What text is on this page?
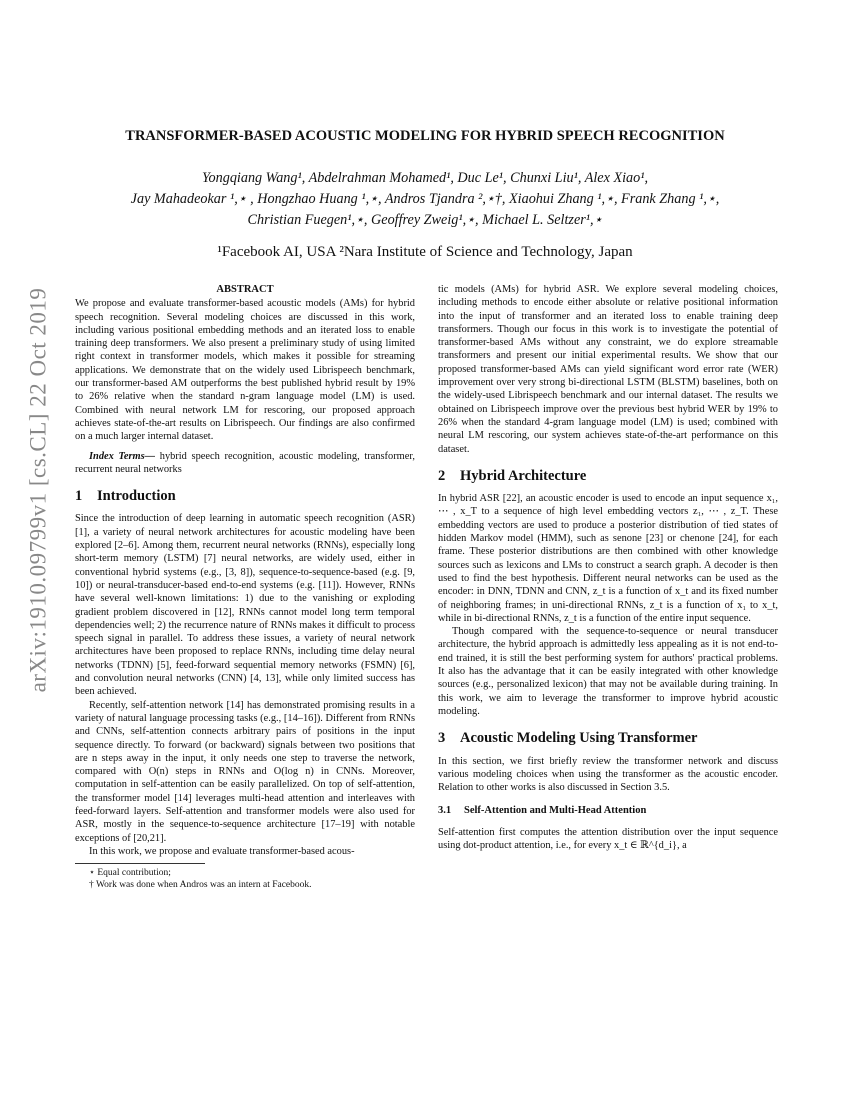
arXiv:1910.09799v1 [cs.CL] 22 Oct 2019
TRANSFORMER-BASED ACOUSTIC MODELING FOR HYBRID SPEECH RECOGNITION
Yongqiang Wang¹, Abdelrahman Mohamed¹, Duc Le¹, Chunxi Liu¹, Alex Xiao¹,
Jay Mahadeokar ¹,⋆ , Hongzhao Huang ¹,⋆, Andros Tjandra ²,⋆†, Xiaohui Zhang ¹,⋆, Frank Zhang ¹,⋆,
Christian Fuegen¹,⋆, Geoffrey Zweig¹,⋆, Michael L. Seltzer¹,⋆
¹Facebook AI, USA ²Nara Institute of Science and Technology, Japan
ABSTRACT

We propose and evaluate transformer-based acoustic models (AMs) for hybrid speech recognition. Several modeling choices are discussed in this work, including various positional embedding methods and an iterated loss to enable training deep transformers. We also present a preliminary study of using limited right context in transformer models, which makes it possible for streaming applications. We demonstrate that on the widely used Librispeech benchmark, our transformer-based AM outperforms the best published hybrid result by 19% to 26% relative when the standard n-gram language model (LM) is used. Combined with neural network LM for rescoring, our proposed approach achieves state-of-the-art results on Librispeech. Our findings are also confirmed on a much larger internal dataset.

Index Terms— hybrid speech recognition, acoustic modeling, transformer, recurrent neural networks

1 Introduction

Since the introduction of deep learning in automatic speech recognition (ASR) [1], a variety of neural network architectures for acoustic modeling have been explored [2–6]. Among them, recurrent neural networks (RNNs), especially long short-term memory (LSTM) [7] neural networks, are widely used, either in conventional hybrid systems (e.g., [3, 8]), sequence-to-sequence-based (e.g. [9, 10]) or neural-transducer-based end-to-end systems (e.g. [11]). However, RNNs have several well-known limitations: 1) due to the vanishing or exploding gradient problem discovered in [12], RNNs cannot model long term temporal dependencies well; 2) the recurrence nature of RNNs makes it difficult to process speech signal in parallel. To address these issues, a variety of neural network architectures have been proposed to replace RNNs, including time delay neural networks (TDNN) [5], feed-forward sequential memory networks (FSMN) [6], and convolution neural networks (CNN) [4, 13], while only limited success has been achieved.

Recently, self-attention network [14] has demonstrated promising results in a variety of natural language processing tasks (e.g., [14–16]). Different from RNNs and CNNs, self-attention connects arbitrary pairs of positions in the input sequence directly. To forward (or backward) signals between two positions that are n steps away in the input, it only needs one step to traverse the network, compared with O(n) steps in RNNs and O(log n) in CNNs. Moreover, computation in self-attention can be easily parallelized. On top of self-attention, the transformer model [14] leverages multi-head attention and interleaves with feed-forward layers. Self-attention and transformer models were also used for ASR, mostly in the sequence-to-sequence architecture [17–19] with notable exceptions of [20,21].

In this work, we propose and evaluate transformer-based acous-

⋆ Equal contribution;
† Work was done when Andros was an intern at Facebook.

tic models (AMs) for hybrid ASR. We explore several modeling choices, including methods to encode either absolute or relative positional information into the input of transformer and an iterated loss to enable training deep transformers. Though our focus in this work is to investigate the potential of transformer-based AMs without any constraint, we do explore streamable transformers and present our initial experimental results. We show that our proposed transformer-based AMs can yield significant word error rate (WER) improvement over very strong bi-directional LSTM (BLSTM) baselines, both on the widely-used Librispeech benchmark and our internal dataset. The results we obtained on Librispeech improve over the previous best hybrid WER by 19% to 26% when the standard 4-gram language model (LM) is used; combined with neural LM rescoring, our system achieves state-of-the-art performance on this dataset.

2 Hybrid Architecture

In hybrid ASR [22], an acoustic encoder is used to encode an input sequence x₁, ⋯ , x_T to a sequence of high level embedding vectors z₁, ⋯ , z_T. These embedding vectors are used to produce a posterior distribution of tied states of hidden Markov model (HMM), such as senone [23] or chenone [24], for each frame. These posterior distributions are then combined with other knowledge sources such as lexicons and LMs to construct a search graph. A decoder is then used to find the best hypothesis. Different neural networks can be used as the encoder: in DNN, TDNN and CNN, z_t is a function of x_t and its fixed number of neighboring frames; in uni-directional RNNs, z_t is a function of x₁ to x_t, while in bi-directional RNNs, z_t is a function of the entire input sequence.

Though compared with the sequence-to-sequence or neural transducer architecture, the hybrid approach is admittedly less appealing as it is not end-to-end trained, it is still the best performing system for authors' practical problems. It also has the advantage that it can be easily integrated with other knowledge sources (e.g., personalized lexicon) that may not be available during training. In this work, we aim to leverage the transformer to improve hybrid acoustic modeling.

3 Acoustic Modeling Using Transformer

In this section, we first briefly review the transformer network and discuss various modeling choices when using the transformer as the acoustic encoder. Relation to other works is also discussed in Section 3.5.

3.1 Self-Attention and Multi-Head Attention

Self-attention first computes the attention distribution over the input sequence using dot-product attention, i.e., for every x_t ∈ ℝ^{d_i}, a
